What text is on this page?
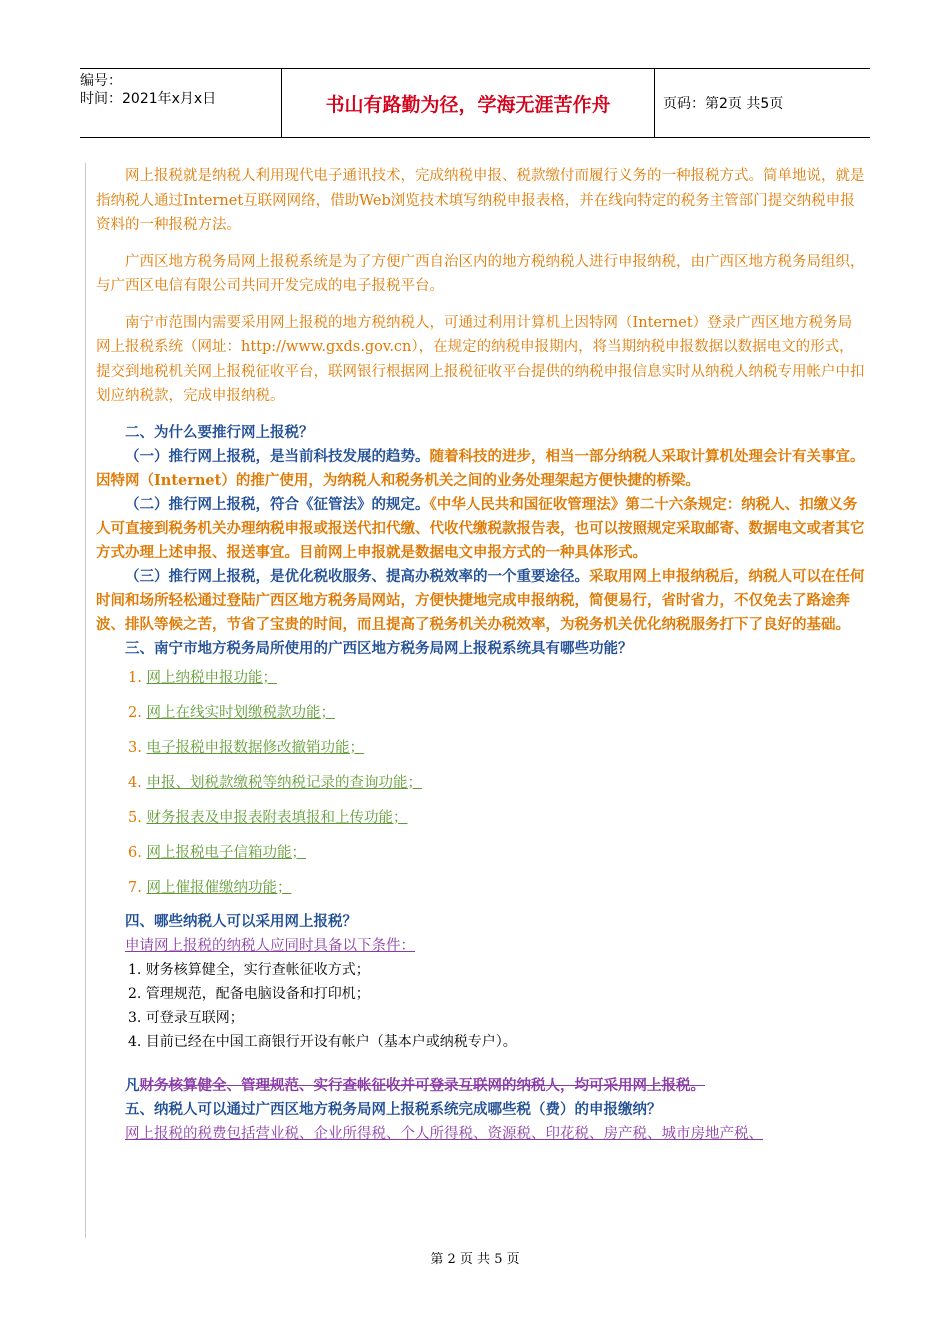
编号：
时间：2021年x月x日	书山有路勤为径，学海无涯苦作舟	页码：第2页 共5页

网上报税就是纳税人利用现代电子通讯技术，完成纳税申报、税款缴付而履行义务的一种报税方式。简单地说，就是指纳税人通过Internet互联网网络，借助Web浏览技术填写纳税申报表格，并在线向特定的税务主管部门提交纳税申报资料的一种报税方法。

广西区地方税务局网上报税系统是为了方便广西自治区内的地方税纳税人进行申报纳税，由广西区地方税务局组织，与广西区电信有限公司共同开发完成的电子报税平台。

南宁市范围内需要采用网上报税的地方税纳税人，可通过利用计算机上因特网（Internet）登录广西区地方税务局网上报税系统（网址：http://www.gxds.gov.cn），在规定的纳税申报期内，将当期纳税申报数据以数据电文的形式，提交到地税机关网上报税征收平台，联网银行根据网上报税征收平台提供的纳税申报信息实时从纳税人纳税专用帐户中扣划应纳税款，完成申报纳税。

二、为什么要推行网上报税？

（一）推行网上报税，是当前科技发展的趋势。随着科技的进步，相当一部分纳税人采取计算机处理会计有关事宜。因特网（Internet）的推广使用，为纳税人和税务机关之间的业务处理架起方便快捷的桥梁。

（二）推行网上报税，符合《征管法》的规定。《中华人民共和国征收管理法》第二十六条规定：纳税人、扣缴义务人可直接到税务机关办理纳税申报或报送代扣代缴、代收代缴税款报告表，也可以按照规定采取邮寄、数据电文或者其它方式办理上述申报、报送事宜。目前网上申报就是数据电文申报方式的一种具体形式。

（三）推行网上报税，是优化税收服务、提高办税效率的一个重要途径。采取用网上申报纳税后，纳税人可以在任何时间和场所轻松通过登陆广西区地方税务局网站，方便快捷地完成申报纳税，简便易行，省时省力，不仅免去了路途奔波、排队等候之苦，节省了宝贵的时间，而且提高了税务机关办税效率，为税务机关优化纳税服务打下了良好的基础。

三、南宁市地方税务局所使用的广西区地方税务局网上报税系统具有哪些功能？

1. 网上纳税申报功能；

2. 网上在线实时划缴税款功能；

3. 电子报税申报数据修改撤销功能；

4. 申报、划税款缴税等纳税记录的查询功能；

5. 财务报表及申报表附表填报和上传功能；

6. 网上报税电子信箱功能；

7. 网上催报催缴纳功能；

四、哪些纳税人可以采用网上报税？

申请网上报税的纳税人应同时具备以下条件：

1. 财务核算健全，实行查帐征收方式；

2. 管理规范，配备电脑设备和打印机；

3. 可登录互联网；

4. 目前已经在中国工商银行开设有帐户（基本户或纳税专户）。

凡财务核算健全、管理规范、实行查帐征收并可登录互联网的纳税人，均可采用网上报税。

五、纳税人可以通过广西区地方税务局网上报税系统完成哪些税（费）的申报缴纳？

网上报税的税费包括营业税、企业所得税、个人所得税、资源税、印花税、房产税、城市房地产税、

第 2 页 共 5 页
